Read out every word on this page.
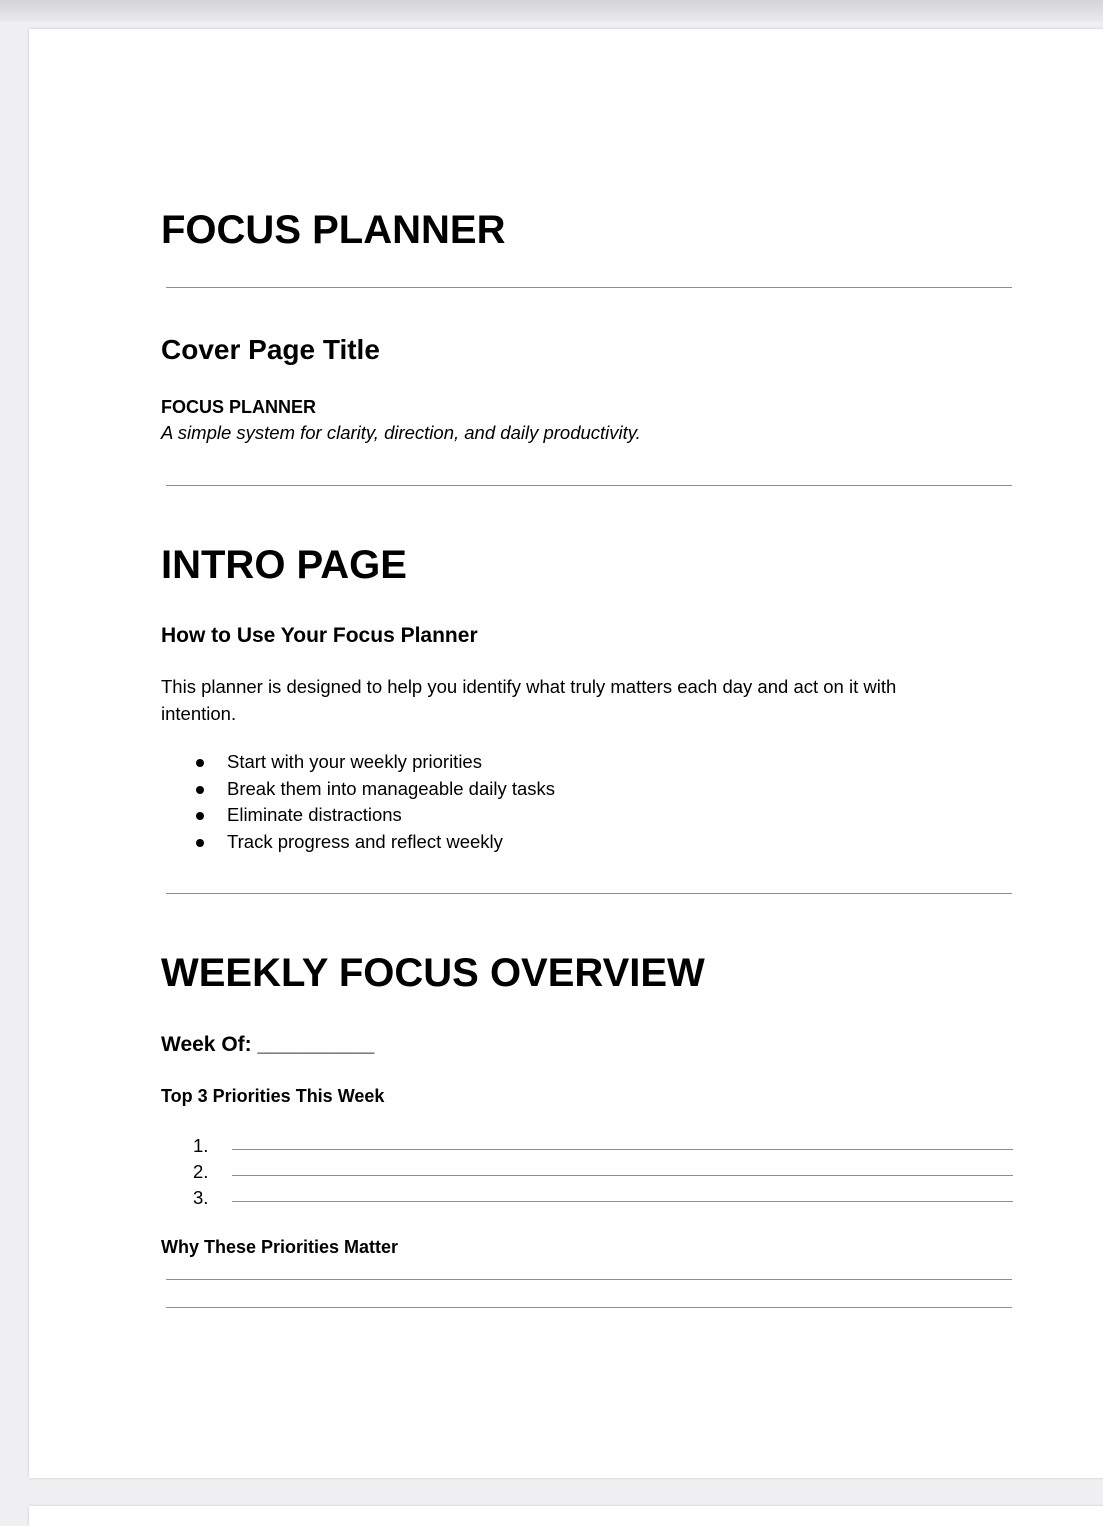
FOCUS PLANNER
Cover Page Title
FOCUS PLANNER
A simple system for clarity, direction, and daily productivity.
INTRO PAGE
How to Use Your Focus Planner
This planner is designed to help you identify what truly matters each day and act on it with
intention.
Start with your weekly priorities
Break them into manageable daily tasks
Eliminate distractions
Track progress and reflect weekly
WEEKLY FOCUS OVERVIEW
Week Of: __________
Top 3 Priorities This Week
1.
2.
3.
Why These Priorities Matter
